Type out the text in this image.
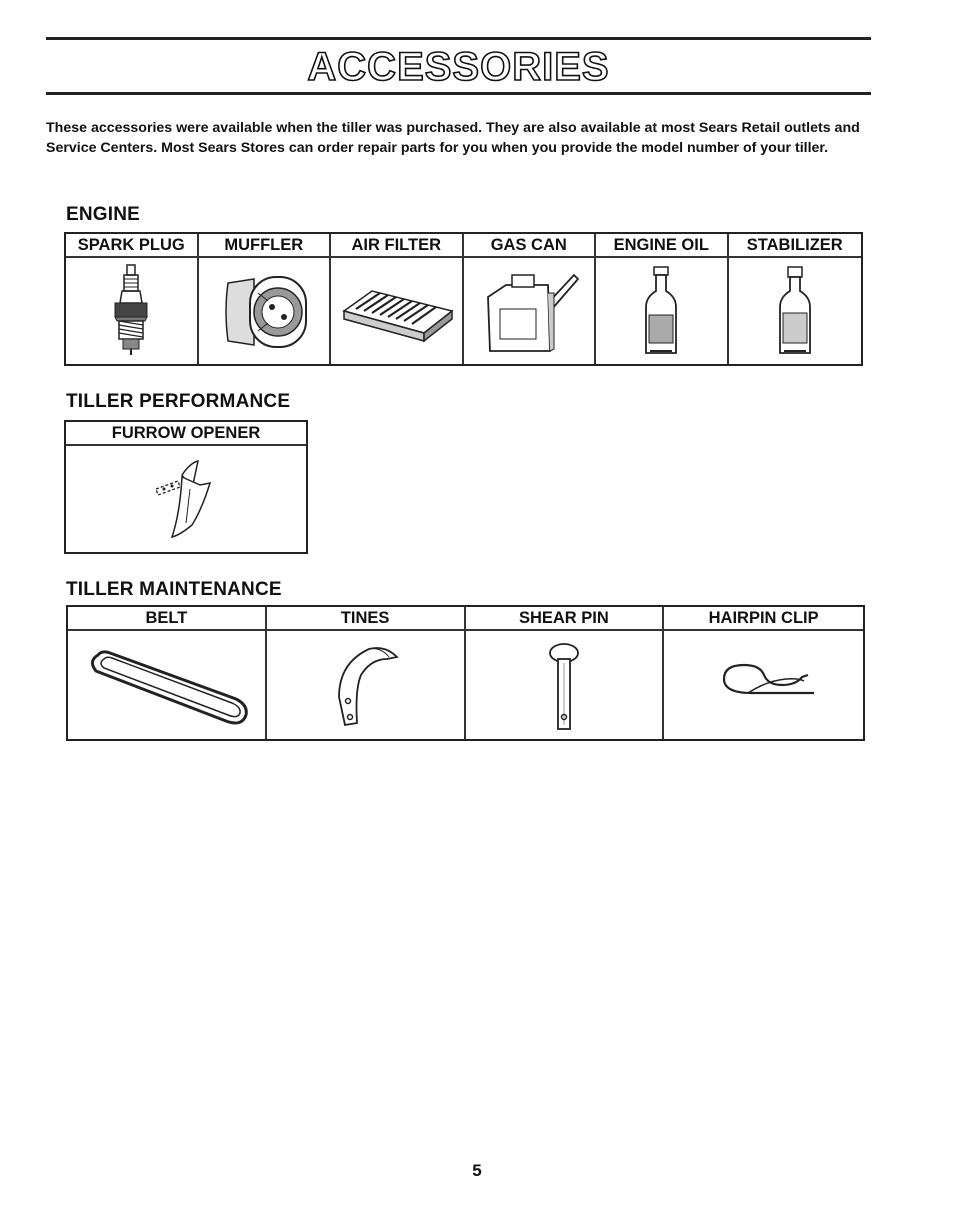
ACCESSORIES
These accessories were available when the tiller was purchased. They are also available at most Sears Retail outlets and Service Centers. Most Sears Stores can order repair parts for you when you provide the model number of your tiller.
ENGINE
SPARK PLUG	MUFFLER	AIR FILTER	GAS CAN	ENGINE OIL	STABILIZER
TILLER PERFORMANCE
FURROW OPENER
TILLER MAINTENANCE
BELT	TINES	SHEAR PIN	HAIRPIN CLIP
5
